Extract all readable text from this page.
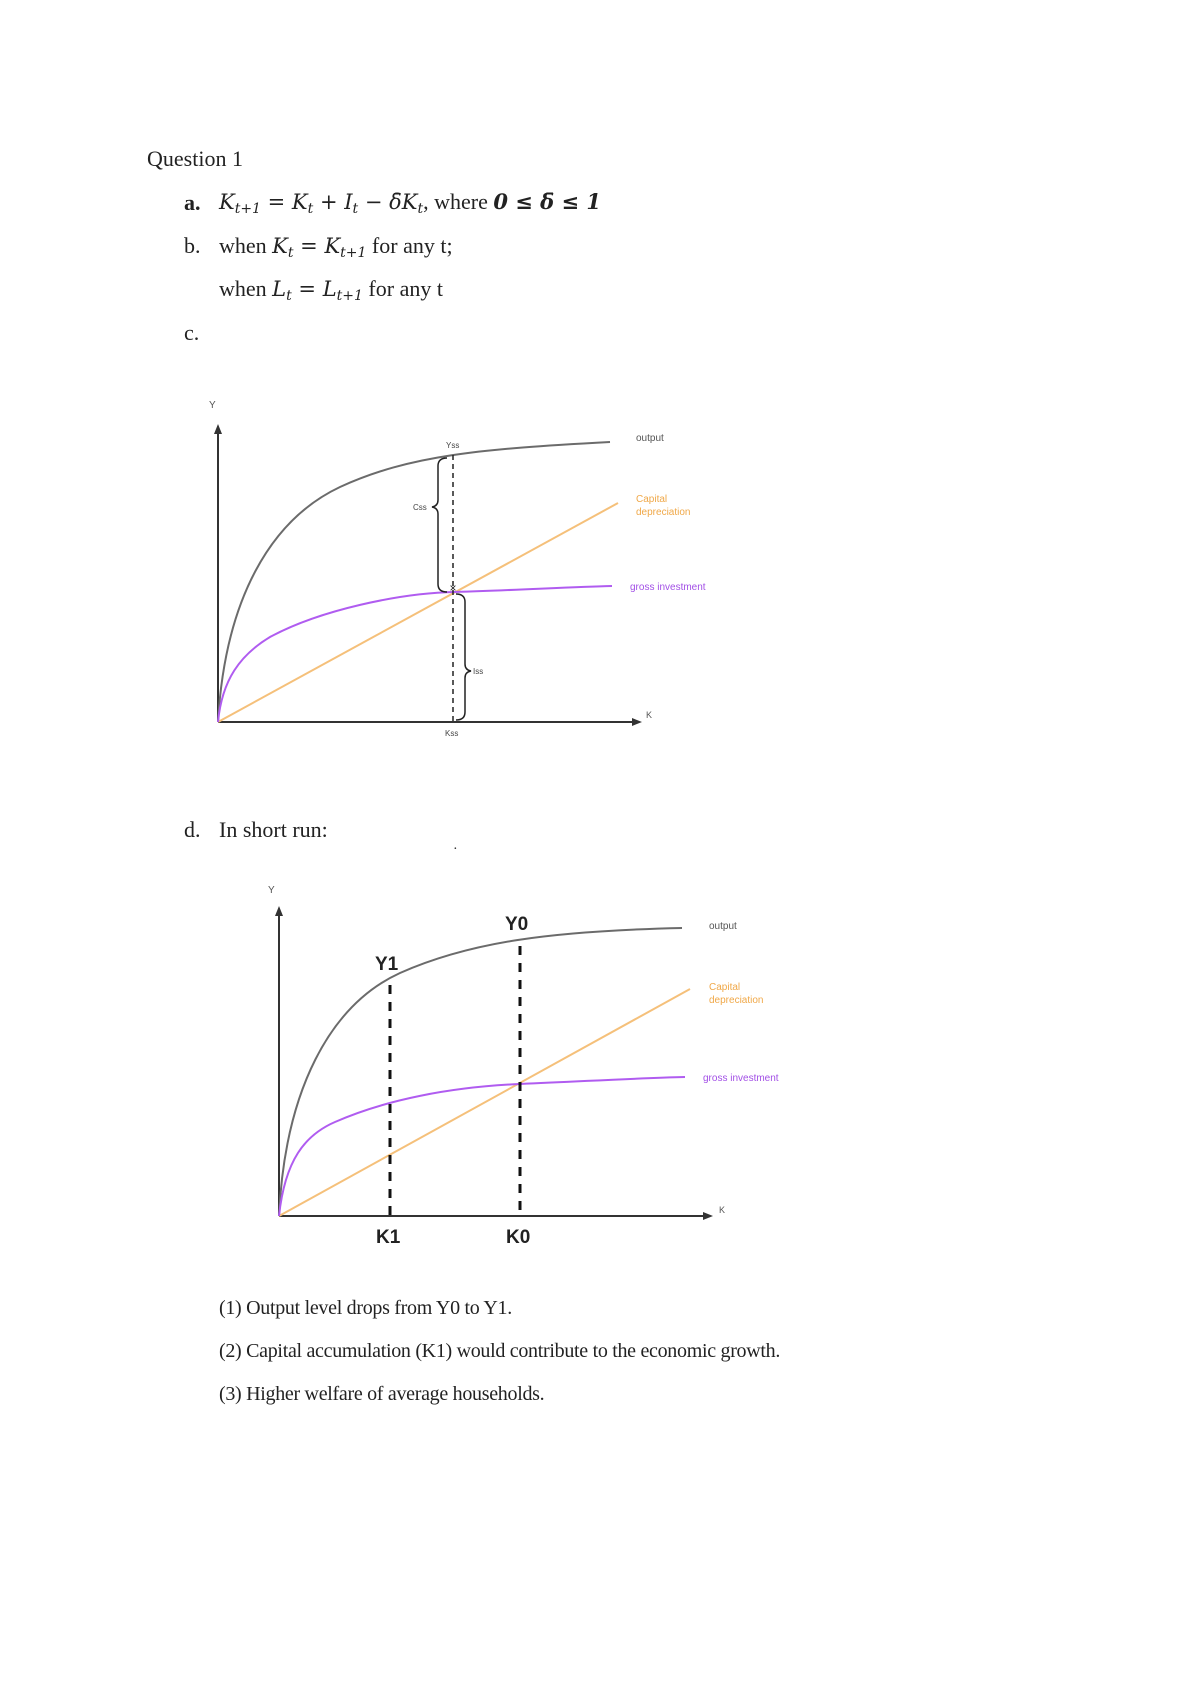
Question 1
a. $K_{t+1} = K_t + I_t$ − $\deltāK_t$, where 0 ≤ δ̄ ≤ 1
b. when $K_t = K_{t+1}$ for any t;
when $L_t = L_{t+1}$ for any t
c.
Y
K
×
Yss
Css
Iss
Kss
output
Capital
depreciation
gross investment
d. In short run:
·
Y
K
Y1
Y0
K1	K0
output
Capital
depreciation
gross investment
(1) Output level drops from Y0 to Y1.
(2) Capital accumulation (K1) would contribute to the economic growth.
(3) Higher welfare of average households.
